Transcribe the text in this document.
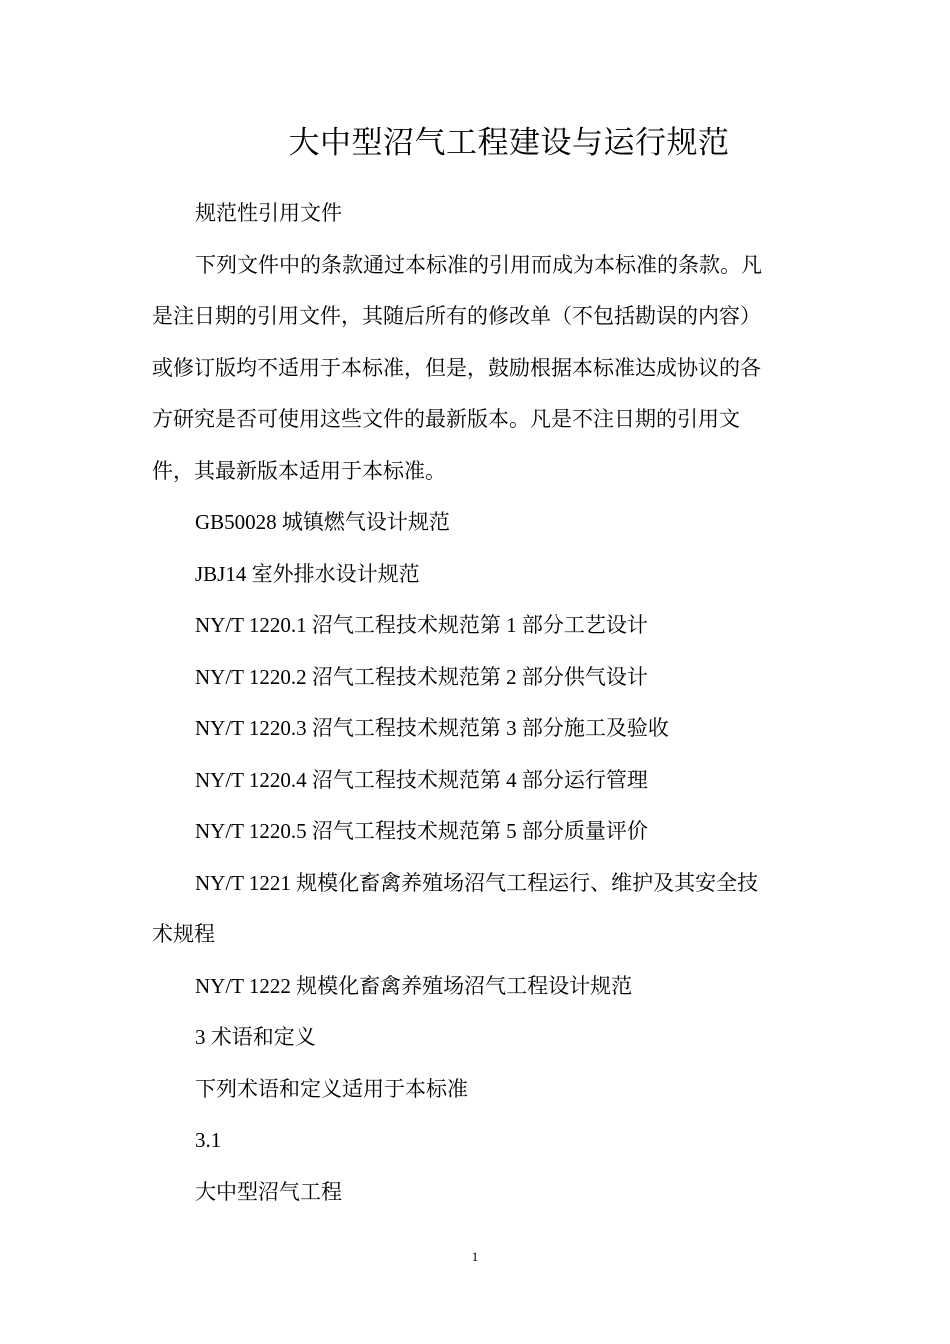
大中型沼气工程建设与运行规范
规范性引用文件
下列文件中的条款通过本标准的引用而成为本标准的条款。凡
是注日期的引用文件，其随后所有的修改单（不包括勘误的内容）
或修订版均不适用于本标准，但是，鼓励根据本标准达成协议的各
方研究是否可使用这些文件的最新版本。凡是不注日期的引用文
件，其最新版本适用于本标准。
GB50028 城镇燃气设计规范
JBJ14 室外排水设计规范
NY/T 1220.1 沼气工程技术规范第 1 部分工艺设计
NY/T 1220.2 沼气工程技术规范第 2 部分供气设计
NY/T 1220.3 沼气工程技术规范第 3 部分施工及验收
NY/T 1220.4 沼气工程技术规范第 4 部分运行管理
NY/T 1220.5 沼气工程技术规范第 5 部分质量评价
NY/T 1221 规模化畜禽养殖场沼气工程运行、维护及其安全技
术规程
NY/T 1222 规模化畜禽养殖场沼气工程设计规范
3 术语和定义
下列术语和定义适用于本标准
3.1
大中型沼气工程
1
